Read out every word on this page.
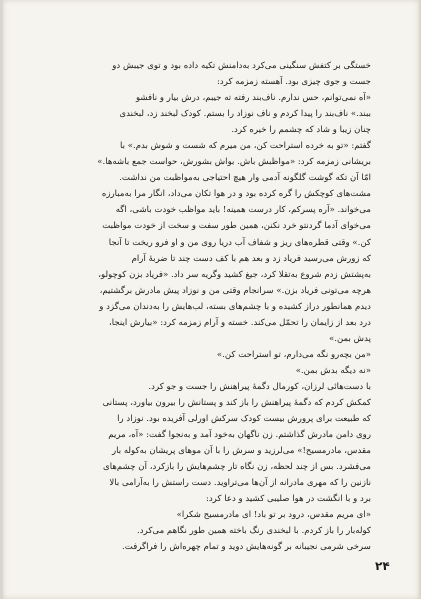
خستگی بر کتفش سنگینی می‌کرد به‌دامنش تکیه داده بود و توی جیبش دو

جست و جوی چیزی بود. آهسته زمزمه کرد:

«آه نمی‌توانم، حس ندارم. ناف‌بند رفته ته جیبم، درش بیار و نافشو

ببند.» ناف‌بند را پیدا کردم و ناف نوزاد را بستم. کودک لبخند زد، لبخندی

چنان زیبا و شاد که چشمم را خیره کرد.

گفتم: «تو به خرده استراحت کن، من میرم که شست و شوش بدم.» با

بریشانی زمزمه کرد: «مواظبش باش. بواش بشورش، حواست جمع باشه‌ها.»

امّا آن تکه گوشت گلگونه آدمی وار هیچ احتیاجی به‌مواظبت من نداشت.

مشت‌های کوچکش را گره کرده بود و در هوا تکان می‌داد، انگار مرا به‌مبارزه

می‌خواند. «آره پسرکم، کار درست همینه! باید مواظب خودت باشی، اگه

می‌خوای آدما گردنتو خرد نکنن، همین طور سفت و سخت از خودت مواظبت

کن.» وقتی قطره‌های ریز و شفاف آب دریا روی من و او فرو ریخت تا آنجا

که زورش می‌رسید فریاد زد و بعد هم با کف دست چند تا ضربهٔ آرام

به‌پشتش زدم شروع به‌تقلا کرد، جیغ کشید وگریه سر داد. «فریاد بزن کوچولو،

هرچه می‌تونی فریاد بزن.» سرانجام وقتی من و نوزاد پیش مادرش برگشتیم،

دیدم همانطور دراز کشیده و با چشم‌های بسته، لب‌هایش را به‌دندان می‌گزد و

درد بعد از زایمان را تحمّل می‌کند. خسته و آرام زمزمه کرد: «بیارش اینجا،

پدش بمن.»

«من بچه‌رو نگه می‌دارم، تو استراحت کن.»

«نه دیگه بدش بمن.»

با دست‌هائی لرزان، کورمال دگمهٔ پیراهنش را جست و جو کرد.

کمکش کردم که دگمهٔ پیراهنش را باز کند و پستانش را بیرون بیاورد، پستانی

که طبیعت برای پرورش بیست کودک سرکش اورلی آفریده بود. نوزاد را

روی دامن مادرش گذاشتم. زن ناگهان به‌خود آمد و به‌نجوا گفت: «آه، مریم

مقدس، مادرمسیح!» می‌لرزید و سرش را با آن موهای پریشان به‌کوله بار

می‌فشرد. بس از چند لحظه، زن نگاه تار چشم‌هایش را بازکرد، آن چشم‌های

نازنین را که مهری مادرانه از آن‌ها می‌تراوید. دست راستش را به‌آرامی بالا

برد و با انگشت در هوا صلیبی کشید و دعا کرد:

«ای مریم مقدس، درود بر تو باد! ای مادرمسیح شکرا»

کوله‌بار را باز کردم. با لبخندی رنگ باخته همین طور نگاهم می‌کرد.

سرخی شرمی نجیبانه بر گونه‌هایش دوید و تمام چهره‌اش را فراگرفت.

۲۴
